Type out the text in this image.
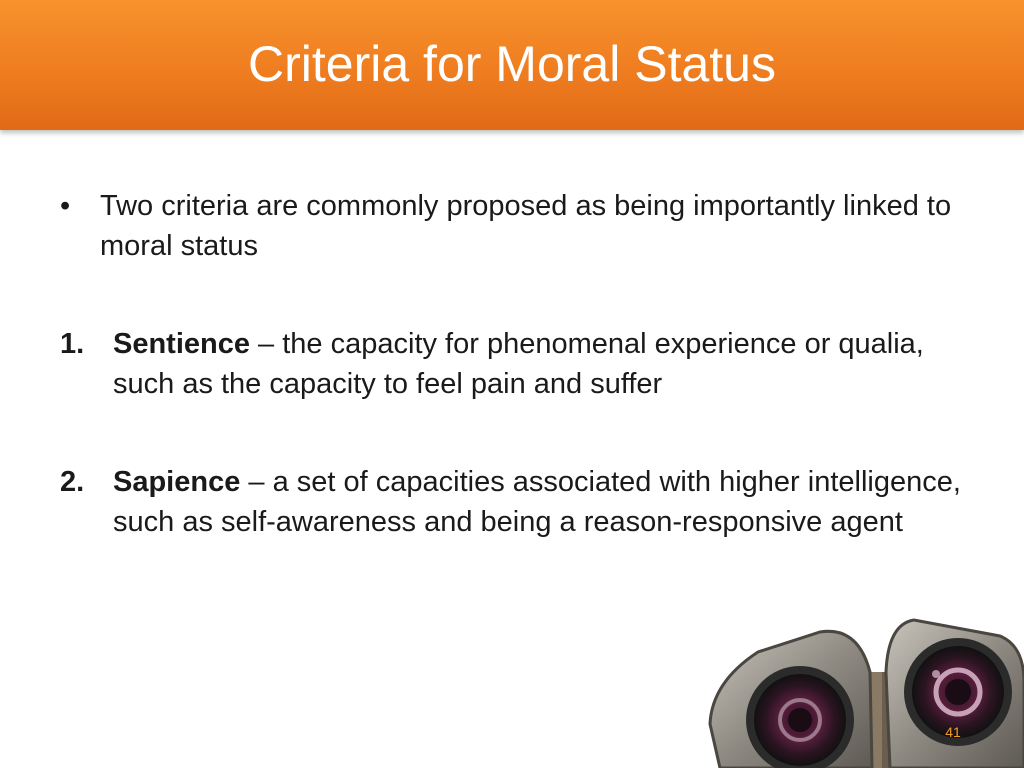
Criteria for Moral Status
• Two criteria are commonly proposed as being importantly linked to moral status
1. Sentience – the capacity for phenomenal experience or qualia, such as the capacity to feel pain and suffer
2. Sapience – a set of capacities associated with higher intelligence, such as self-awareness and being a reason-responsive agent
41
